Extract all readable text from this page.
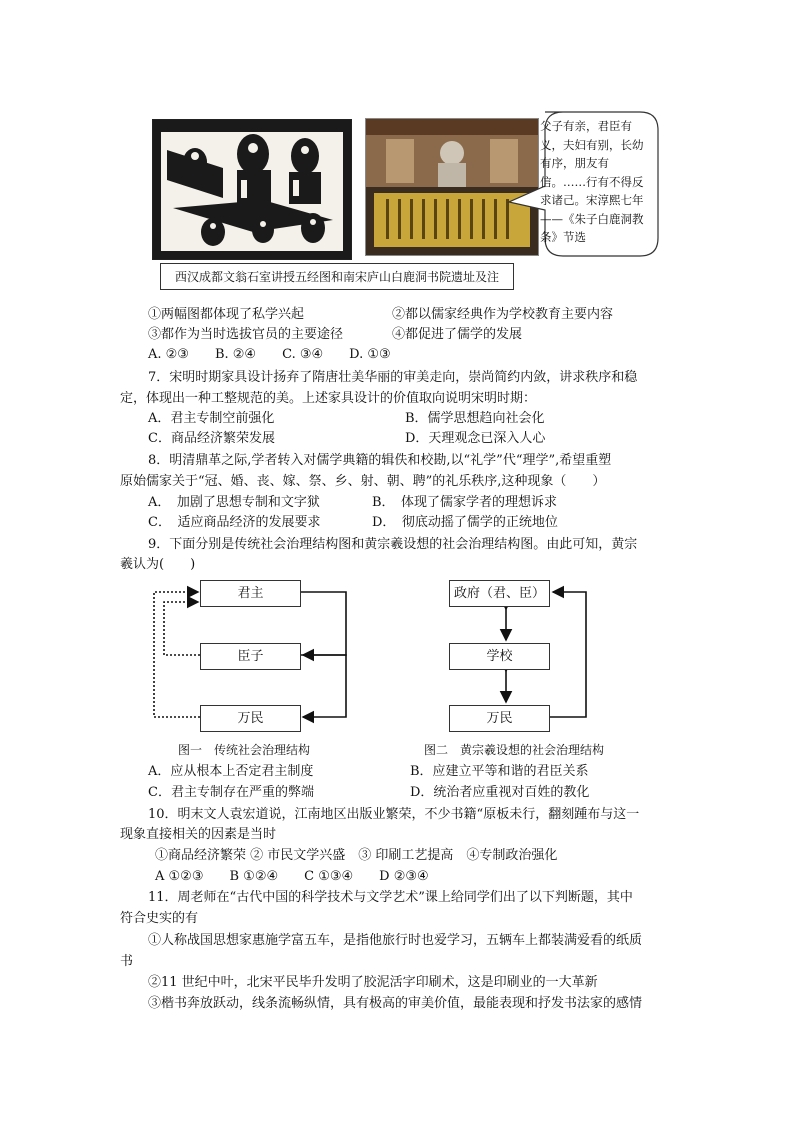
父子有亲，君臣有义，夫妇有别，长幼有序，朋友有信。……行有不得反求诸己。宋淳熙七年——《朱子白鹿洞教条》节选
西汉成都文翁石室讲授五经图和南宋庐山白鹿洞书院遗址及注
①两幅图都体现了私学兴起	②都以儒家经典作为学校教育主要内容
③都作为当时选拔官员的主要途径	④都促进了儒学的发展
A. ②③　　B. ②④　　C. ③④　　D. ①③
7．宋明时期家具设计扬弃了隋唐壮美华丽的审美走向，崇尚简约内敛，讲求秩序和稳
定，体现出一种工整规范的美。上述家具设计的价值取向说明宋明时期：
A．君主专制空前强化	B．儒学思想趋向社会化
C．商品经济繁荣发展	D．天理观念已深入人心
8．明清鼎革之际,学者转入对儒学典籍的辑佚和校勘,以“礼学”代“理学”,希望重塑
原始儒家关于“冠、婚、丧、嫁、祭、乡、射、朝、聘”的礼乐秩序,这种现象（　　）
A．　加剧了思想专制和文字狱	B．　体现了儒家学者的理想诉求
C．　适应商品经济的发展要求	D．　彻底动摇了儒学的正统地位
9．下面分别是传统社会治理结构图和黄宗羲设想的社会治理结构图。由此可知，黄宗
羲认为(　　)
君主
臣子
万民
政府（君、臣）
学校
万民
图一　传统社会治理结构	图二　黄宗羲设想的社会治理结构
A．应从根本上否定君主制度	B．应建立平等和谐的君臣关系
C．君主专制存在严重的弊端	D．统治者应重视对百姓的教化
10．明末文人袁宏道说，江南地区出版业繁荣，不少书籍“原板未行，翻刻踵布与这一
现象直接相关的因素是当时
①商品经济繁荣 ② 市民文学兴盛　③ 印刷工艺提高　④专制政治强化
A ①②③　　B ①②④　　C ①③④　　D ②③④
11．周老师在“古代中国的科学技术与文学艺术”课上给同学们出了以下判断题，其中
符合史实的有
①人称战国思想家惠施学富五车，是指他旅行时也爱学习，五辆车上都装满爱看的纸质
书
②11 世纪中叶，北宋平民毕升发明了胶泥活字印刷术，这是印刷业的一大革新
③楷书奔放跃动，线条流畅纵情，具有极高的审美价值，最能表现和抒发书法家的感情
